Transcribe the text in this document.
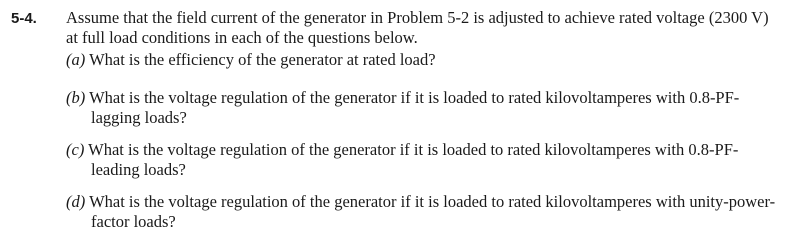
5-4. Assume that the field current of the generator in Problem 5-2 is adjusted to achieve rated voltage (2300 V)
at full load conditions in each of the questions below.
(a) What is the efficiency of the generator at rated load?
(b) What is the voltage regulation of the generator if it is loaded to rated kilovoltamperes with 0.8-PF-
lagging loads?
(c) What is the voltage regulation of the generator if it is loaded to rated kilovoltamperes with 0.8-PF-
leading loads?
(d) What is the voltage regulation of the generator if it is loaded to rated kilovoltamperes with unity-power-
factor loads?
